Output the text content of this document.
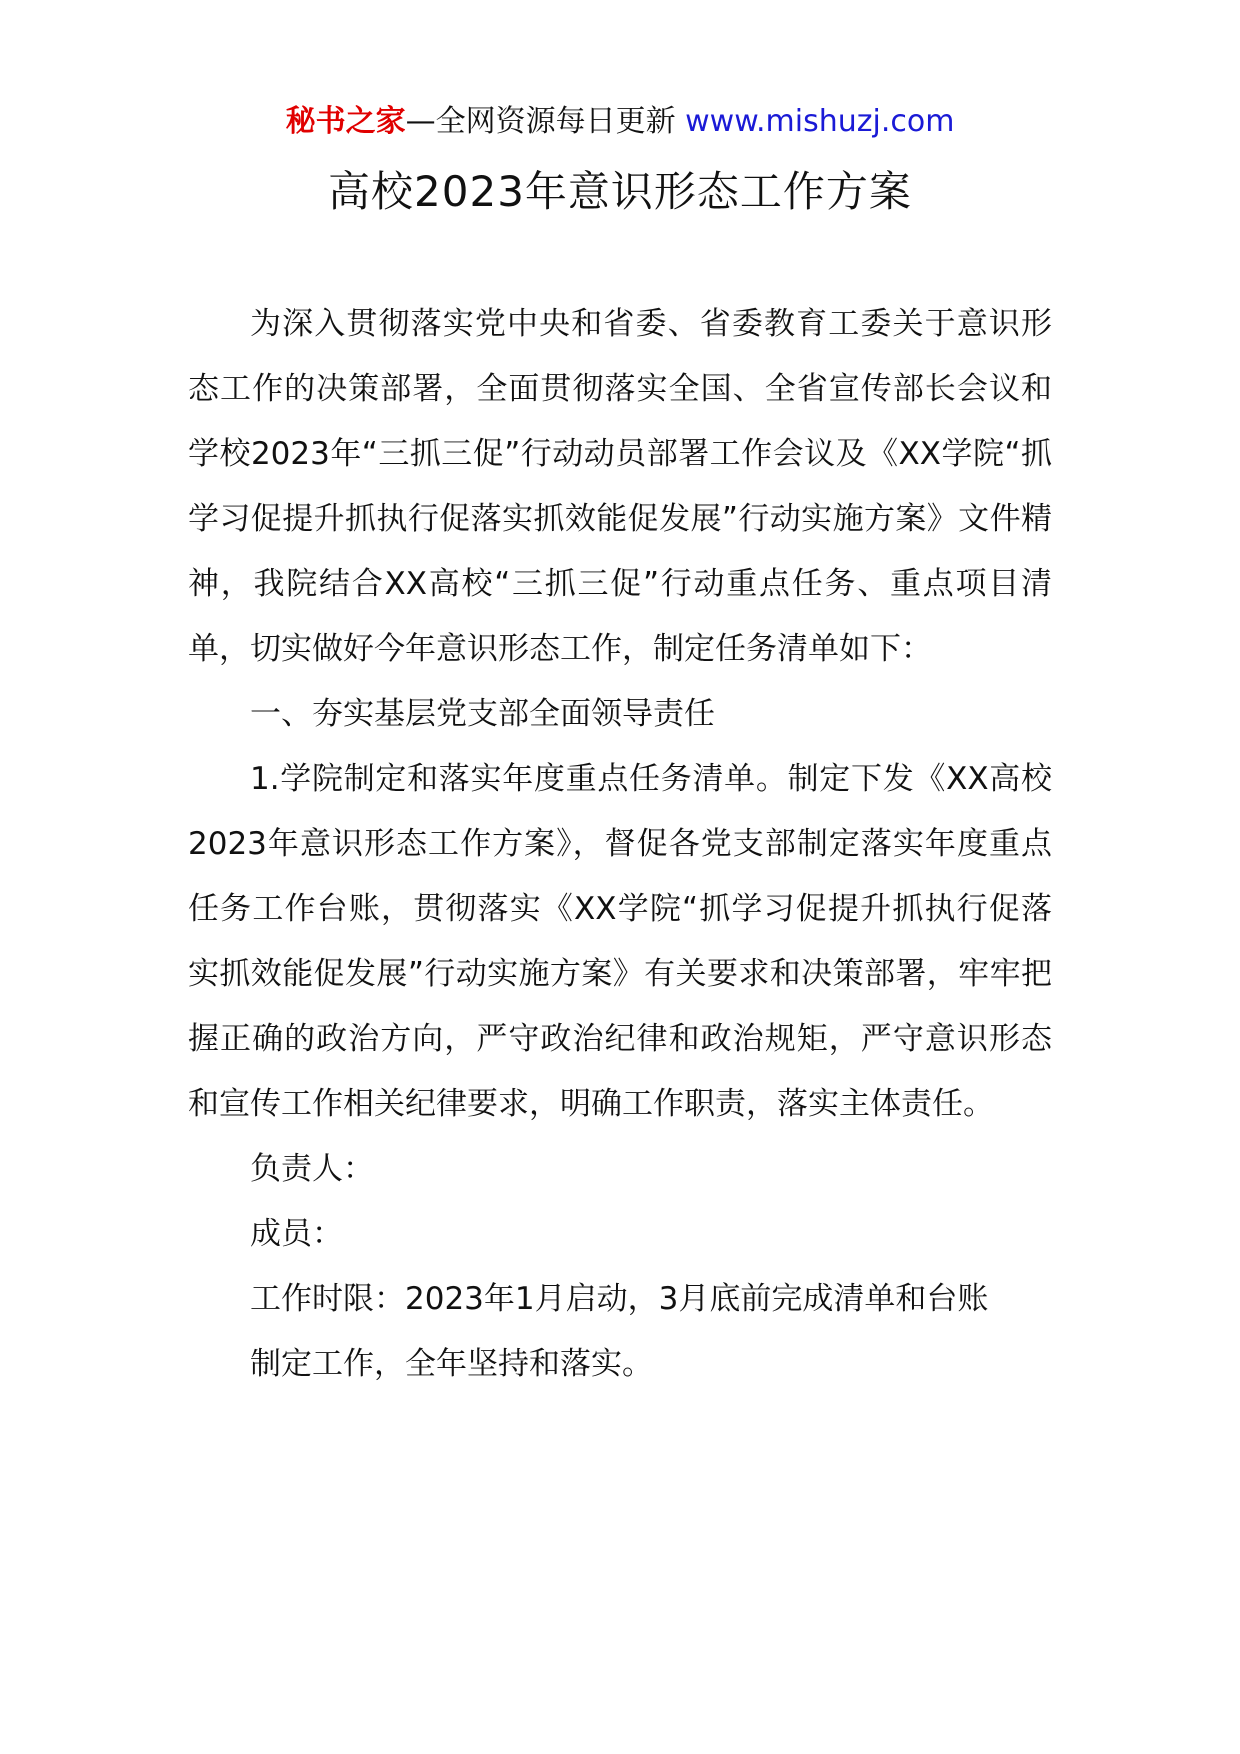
秘书之家—全网资源每日更新 www.mishuzj.com
高校2023年意识形态工作方案

为深入贯彻落实党中央和省委、省委教育工委关于意识形态工作的决策部署，全面贯彻落实全国、全省宣传部长会议和学校2023年“三抓三促”行动动员部署工作会议及《XX学院“抓学习促提升抓执行促落实抓效能促发展”行动实施方案》文件精神，我院结合XX高校“三抓三促”行动重点任务、重点项目清单，切实做好今年意识形态工作，制定任务清单如下：

一、夯实基层党支部全面领导责任

1.学院制定和落实年度重点任务清单。制定下发《XX高校2023年意识形态工作方案》，督促各党支部制定落实年度重点任务工作台账，贯彻落实《XX学院“抓学习促提升抓执行促落实抓效能促发展”行动实施方案》有关要求和决策部署，牢牢把握正确的政治方向，严守政治纪律和政治规矩，严守意识形态和宣传工作相关纪律要求，明确工作职责，落实主体责任。

负责人：

成员：

工作时限：2023年1月启动，3月底前完成清单和台账

制定工作，全年坚持和落实。
